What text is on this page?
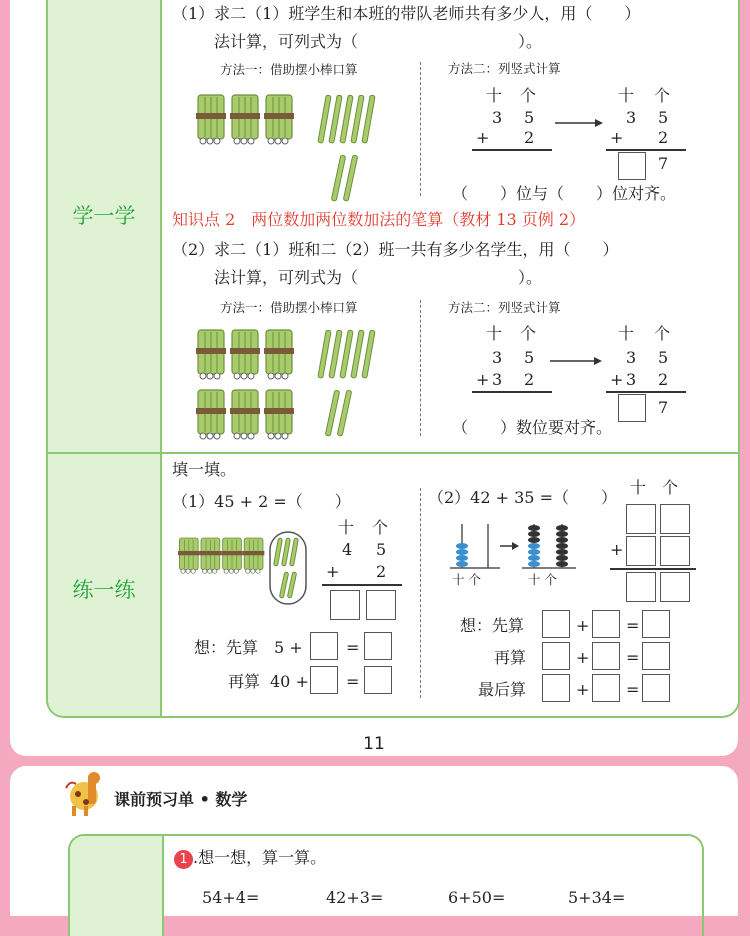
学一学
练一练
（1）求二（1）班学生和本班的带队老师共有多少人，用（　　）
法计算，可列式为（　　　　　　　　　　）。
方法一：借助摆小棒口算	方法二：列竖式计算
十 个
3 5
+ 2
十 个
3 5
+ 2
7
（　　）位与（　　）位对齐。
知识点 2　两位数加两位数加法的笔算（教材 13 页例 2）
（2）求二（1）班和二（2）班一共有多少名学生，用（　　）
法计算，可列式为（　　　　　　　　　　）。
方法一：借助摆小棒口算	方法二：列竖式计算
十 个
3 5
+ 3 2
十 个
3 5
+ 3 2
7
（　　）数位要对齐。
填一填。
（1）45 + 2 =（　　）
十 个
4 5
+ 2
想：先算 5 +	=
再算 40 + =
（2）42 + 35 =（　　）
十 个	十 个
十 个
+
想：先算	+ =
再算	+ =
最后算	+ =
11
课前预习单 • 数学
1 .想一想，算一算。
54+4=	42+3=	6+50=	5+34=
